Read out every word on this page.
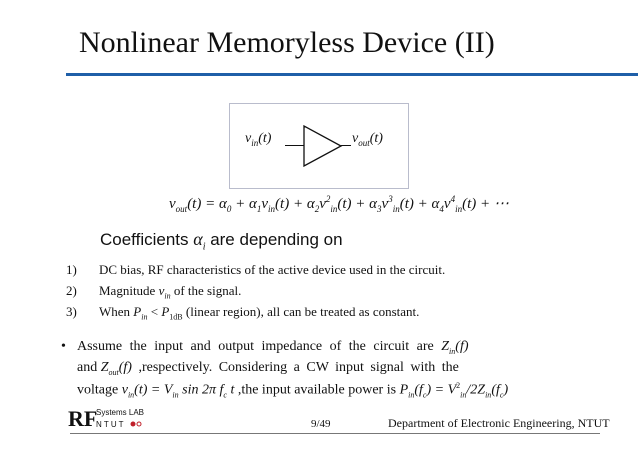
Nonlinear Memoryless Device (II)
$v_{in}(t)$	$v_{out}(t)$
$v_{out}(t) = \alpha_0 + \alpha_1v_{in}(t) + \alpha_2v^2_{in}(t) + \alpha_3v^3_{in}(t) + \alpha_4v^4_{in}(t)$ + ⋯
Coefficients $\alpha_i$ are depending on
1) DC bias, RF characteristics of the active device used in the circuit.
2) Magnitude $v_{in}$ of the signal.
3) When $P_{in} < P_{1dB}$ (linear region), all can be treated as constant.
• Assume the input and output impedance of the circuit are $Z_{in}(f)$
and $Z_{out}(f)$ ,respectively. Considering a CW input signal with the
voltage $v_{in}(t) = V_{in}$ sin 2π $f_c$ t ,the input available power is $P_{in}(f_c) = V^2_{in}/2Z_{in}(f_c)$
RF
Systems LAB
N T U T	9/49	Department of Electronic Engineering, NTUT
